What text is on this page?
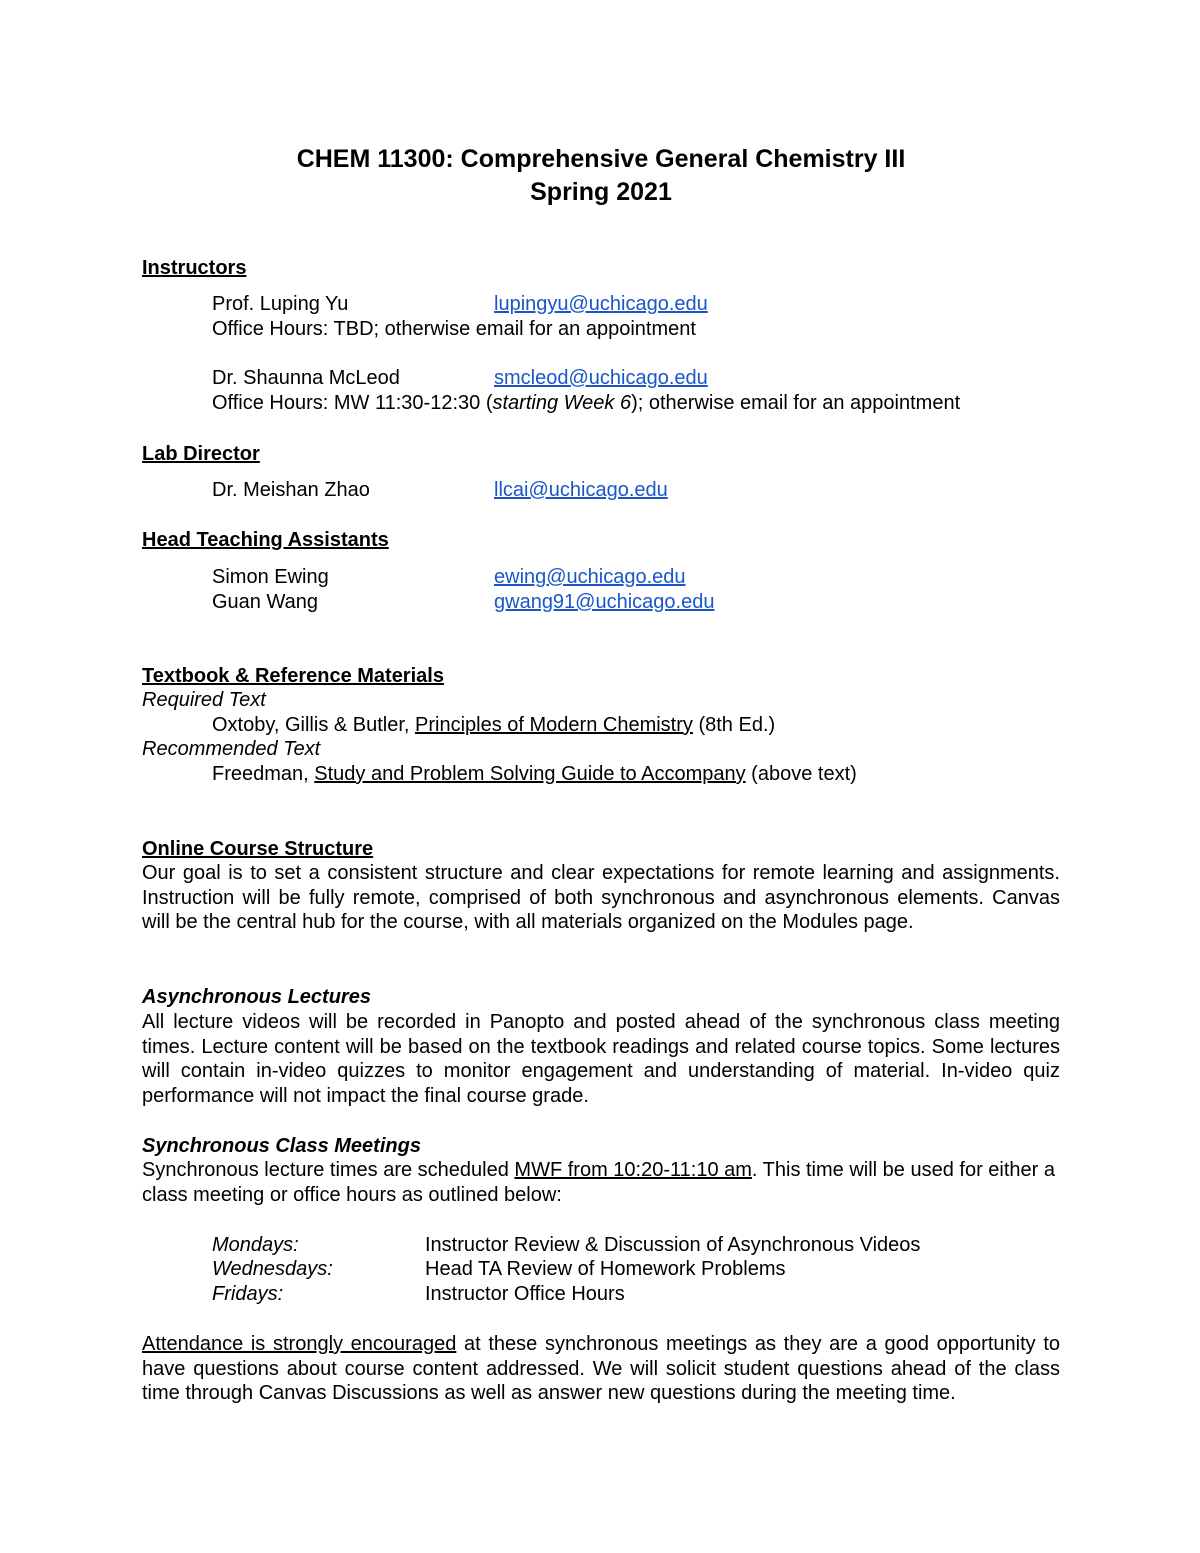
CHEM 11300: Comprehensive General Chemistry III
Spring 2021
Instructors
Prof. Luping Yu	lupingyu@uchicago.edu
Office Hours: TBD; otherwise email for an appointment
Dr. Shaunna McLeod	smcleod@uchicago.edu
Office Hours: MW 11:30-12:30 (starting Week 6); otherwise email for an appointment
Lab Director
Dr. Meishan Zhao	llcai@uchicago.edu
Head Teaching Assistants
Simon Ewing	ewing@uchicago.edu
Guan Wang	gwang91@uchicago.edu
Textbook & Reference Materials
Required Text
Oxtoby, Gillis & Butler, Principles of Modern Chemistry (8th Ed.)
Recommended Text
Freedman, Study and Problem Solving Guide to Accompany (above text)
Online Course Structure
Our goal is to set a consistent structure and clear expectations for remote learning and assignments. Instruction will be fully remote, comprised of both synchronous and asynchronous elements. Canvas will be the central hub for the course, with all materials organized on the Modules page.
Asynchronous Lectures
All lecture videos will be recorded in Panopto and posted ahead of the synchronous class meeting times. Lecture content will be based on the textbook readings and related course topics. Some lectures will contain in-video quizzes to monitor engagement and understanding of material. In-video quiz performance will not impact the final course grade.
Synchronous Class Meetings
Synchronous lecture times are scheduled MWF from 10:20-11:10 am. This time will be used for either a class meeting or office hours as outlined below:
Mondays:	Instructor Review & Discussion of Asynchronous Videos
Wednesdays:	Head TA Review of Homework Problems
Fridays:	Instructor Office Hours
Attendance is strongly encouraged at these synchronous meetings as they are a good opportunity to have questions about course content addressed. We will solicit student questions ahead of the class time through Canvas Discussions as well as answer new questions during the meeting time.
